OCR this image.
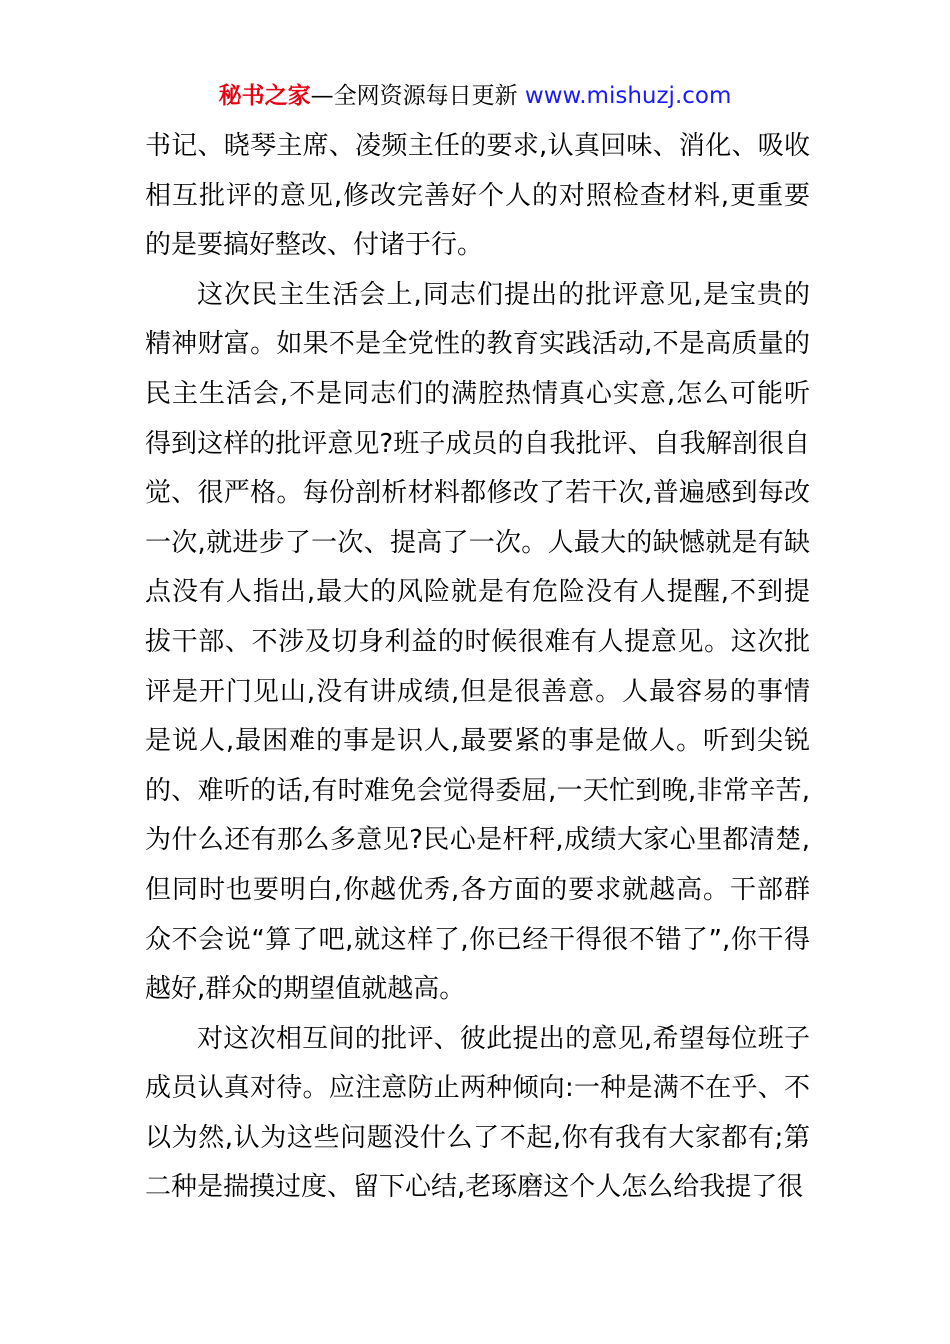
秘书之家—全网资源每日更新 www.mishuzj.com

书记、晓琴主席、凌频主任的要求,认真回味、消化、吸收相互批评的意见,修改完善好个人的对照检查材料,更重要的是要搞好整改、付诸于行。

这次民主生活会上,同志们提出的批评意见,是宝贵的精神财富。如果不是全党性的教育实践活动,不是高质量的民主生活会,不是同志们的满腔热情真心实意,怎么可能听得到这样的批评意见?班子成员的自我批评、自我解剖很自觉、很严格。每份剖析材料都修改了若干次,普遍感到每改一次,就进步了一次、提高了一次。人最大的缺憾就是有缺点没有人指出,最大的风险就是有危险没有人提醒,不到提拔干部、不涉及切身利益的时候很难有人提意见。这次批评是开门见山,没有讲成绩,但是很善意。人最容易的事情是说人,最困难的事是识人,最要紧的事是做人。听到尖锐的、难听的话,有时难免会觉得委屈,一天忙到晚,非常辛苦,为什么还有那么多意见?民心是杆秤,成绩大家心里都清楚,但同时也要明白,你越优秀,各方面的要求就越高。干部群众不会说“算了吧,就这样了,你已经干得很不错了”,你干得越好,群众的期望值就越高。

对这次相互间的批评、彼此提出的意见,希望每位班子成员认真对待。应注意防止两种倾向:一种是满不在乎、不以为然,认为这些问题没什么了不起,你有我有大家都有;第二种是揣摸过度、留下心结,老琢磨这个人怎么给我提了很
